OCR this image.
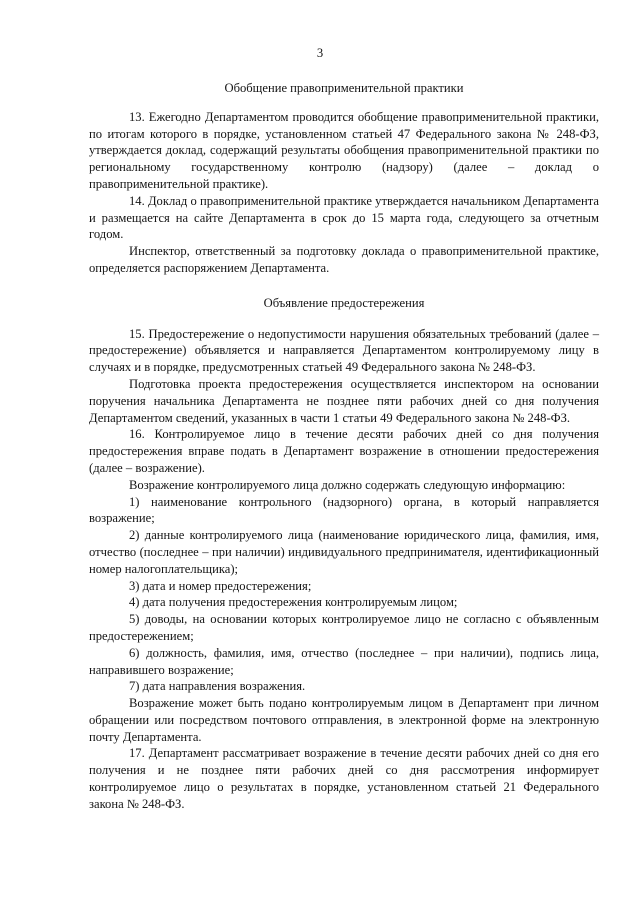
3
Обобщение правоприменительной практики

13. Ежегодно Департаментом проводится обобщение правоприменительной практики, по итогам которого в порядке, установленном статьей 47 Федерального закона № 248-ФЗ, утверждается доклад, содержащий результаты обобщения правоприменительной практики по региональному государственному контролю (надзору) (далее – доклад о правоприменительной практике).

14. Доклад о правоприменительной практике утверждается начальником Департамента и размещается на сайте Департамента в срок до 15 марта года, следующего за отчетным годом.

Инспектор, ответственный за подготовку доклада о правоприменительной практике, определяется распоряжением Департамента.

Объявление предостережения

15. Предостережение о недопустимости нарушения обязательных требований (далее – предостережение) объявляется и направляется Департаментом контролируемому лицу в случаях и в порядке, предусмотренных статьей 49 Федерального закона № 248-ФЗ.

Подготовка проекта предостережения осуществляется инспектором на основании поручения начальника Департамента не позднее пяти рабочих дней со дня получения Департаментом сведений, указанных в части 1 статьи 49 Федерального закона № 248-ФЗ.

16. Контролируемое лицо в течение десяти рабочих дней со дня получения предостережения вправе подать в Департамент возражение в отношении предостережения (далее – возражение).

Возражение контролируемого лица должно содержать следующую информацию:

1) наименование контрольного (надзорного) органа, в который направляется возражение;

2) данные контролируемого лица (наименование юридического лица, фамилия, имя, отчество (последнее – при наличии) индивидуального предпринимателя, идентификационный номер налогоплательщика);

3) дата и номер предостережения;

4) дата получения предостережения контролируемым лицом;

5) доводы, на основании которых контролируемое лицо не согласно с объявленным предостережением;

6) должность, фамилия, имя, отчество (последнее – при наличии), подпись лица, направившего возражение;

7) дата направления возражения.

Возражение может быть подано контролируемым лицом в Департамент при личном обращении или посредством почтового отправления, в электронной форме на электронную почту Департамента.

17. Департамент рассматривает возражение в течение десяти рабочих дней со дня его получения и не позднее пяти рабочих дней со дня рассмотрения информирует контролируемое лицо о результатах в порядке, установленном статьей 21 Федерального закона № 248-ФЗ.
